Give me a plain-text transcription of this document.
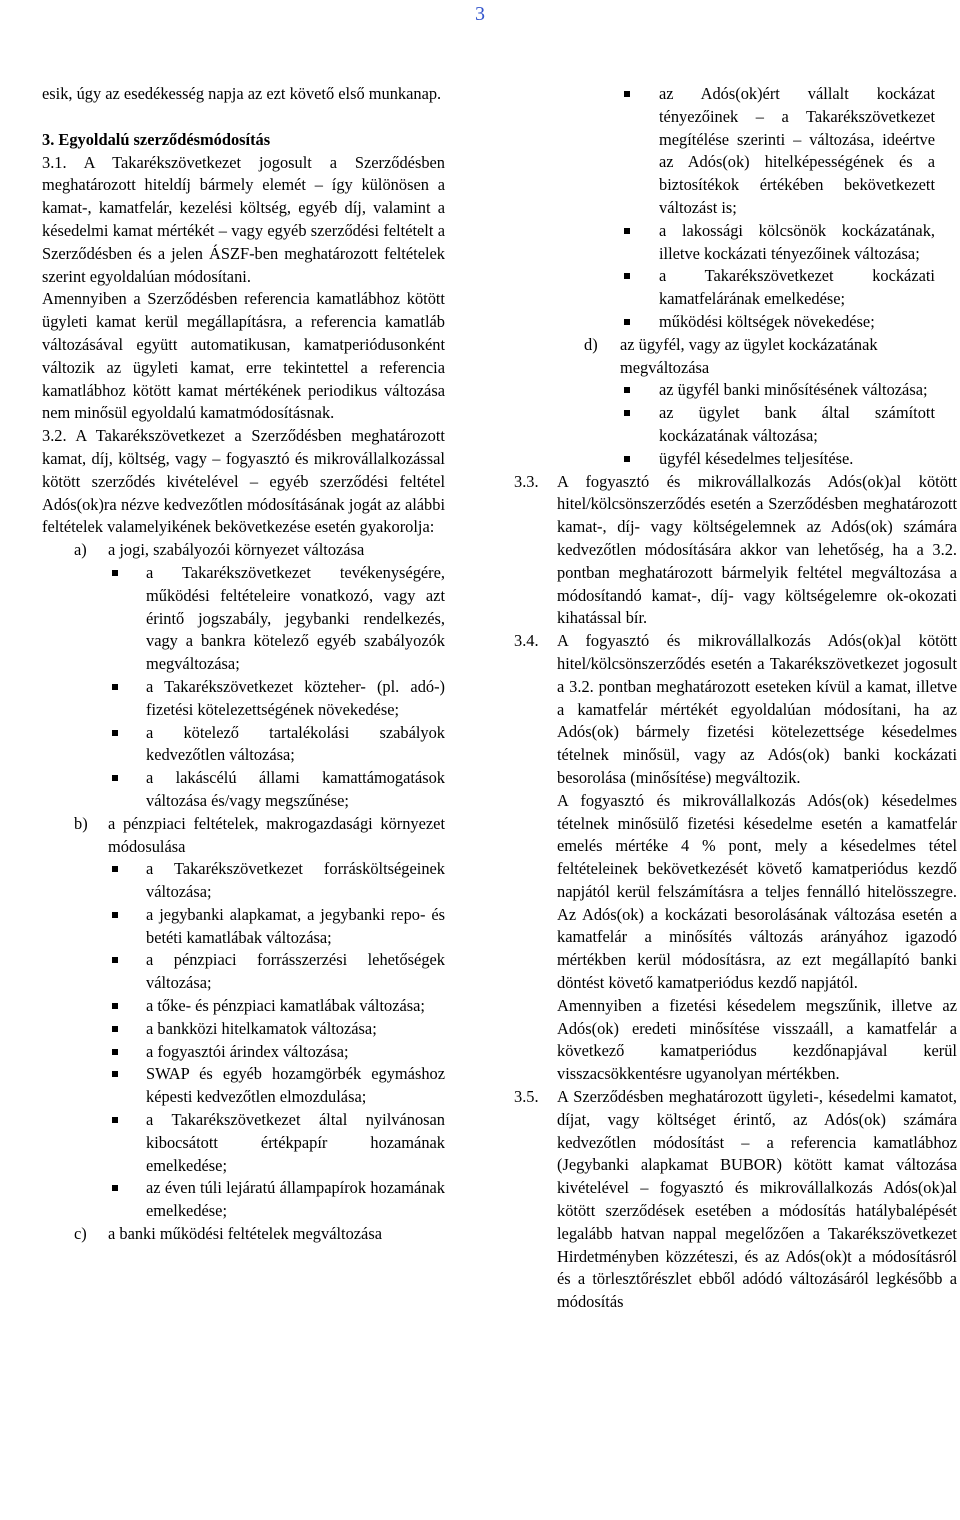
3

esik, úgy az esedékesség napja az ezt követő első munkanap.

3. Egyoldalú szerződésmódosítás

3.1. A Takarékszövetkezet jogosult a Szerződésben meghatározott hiteldíj bármely elemét – így különösen a kamat-, kamatfelár, kezelési költség, egyéb díj, valamint a késedelmi kamat mértékét – vagy egyéb szerződési feltételt a Szerződésben és a jelen ÁSZF-ben meghatározott feltételek szerint egyoldalúan módosítani.

Amennyiben a Szerződésben referencia kamatlábhoz kötött ügyleti kamat kerül megállapításra, a referencia kamatláb változásával együtt automatikusan, kamatperiódusonként változik az ügyleti kamat, erre tekintettel a referencia kamatlábhoz kötött kamat mértékének periodikus változása nem minősül egyoldalú kamatmódosításnak.

3.2. A Takarékszövetkezet a Szerződésben meghatározott kamat, díj, költség, vagy – fogyasztó és mikrovállalkozással kötött szerződés kivételével – egyéb szerződési feltétel Adós(ok)ra nézve kedvezőtlen módosításának jogát az alábbi feltételek valamelyikének bekövetkezése esetén gyakorolja:

a) a jogi, szabályozói környezet változása
a Takarékszövetkezet tevékenységére, működési feltételeire vonatkozó, vagy azt érintő jogszabály, jegybanki rendelkezés, vagy a bankra kötelező egyéb szabályozók megváltozása;
a Takarékszövetkezet közteher- (pl. adó-) fizetési kötelezettségének növekedése;
a kötelező tartalékolási szabályok kedvezőtlen változása;
a lakáscélú állami kamattámogatások változása és/vagy megszűnése;
b) a pénzpiaci feltételek, makrogazdasági környezet módosulása
a Takarékszövetkezet forrásköltségeinek változása;
a jegybanki alapkamat, a jegybanki repo- és betéti kamatlábak változása;
a pénzpiaci forrásszerzési lehetőségek változása;
a tőke- és pénzpiaci kamatlábak változása;
a bankközi hitelkamatok változása;
a fogyasztói árindex változása;
SWAP és egyéb hozamgörbék egymáshoz képesti kedvezőtlen elmozdulása;
a Takarékszövetkezet által nyilvánosan kibocsátott értékpapír hozamának emelkedése;
az éven túli lejáratú állampapírok hozamának emelkedése;
c) a banki működési feltételek megváltozása
az Adós(ok)ért vállalt kockázat tényezőinek – a Takarékszövetkezet megítélése szerinti – változása, ideértve az Adós(ok) hitelképességének és a biztosítékok értékében bekövetkezett változást is;
a lakossági kölcsönök kockázatának, illetve kockázati tényezőinek változása;
a Takarékszövetkezet kockázati kamatfelárának emelkedése;
működési költségek növekedése;
d) az ügyfél, vagy az ügylet kockázatának megváltozása
az ügyfél banki minősítésének változása;
az ügylet bank által számított kockázatának változása;
ügyfél késedelmes teljesítése.
3.3. A fogyasztó és mikrovállalkozás Adós(ok)al kötött hitel/kölcsönszerződés esetén a Szerződésben meghatározott kamat-, díj- vagy költségelemnek az Adós(ok) számára kedvezőtlen módosítására akkor van lehetőség, ha a 3.2. pontban meghatározott bármelyik feltétel megváltozása a módosítandó kamat-, díj- vagy költségelemre ok-okozati kihatással bír.

3.4. A fogyasztó és mikrovállalkozás Adós(ok)al kötött hitel/kölcsönszerződés esetén a Takarékszövetkezet jogosult a 3.2. pontban meghatározott eseteken kívül a kamat, illetve a kamatfelár mértékét egyoldalúan módosítani, ha az Adós(ok) bármely fizetési kötelezettsége késedelmes tételnek minősül, vagy az Adós(ok) banki kockázati besorolása (minősítése) megváltozik.

A fogyasztó és mikrovállalkozás Adós(ok) késedelmes tételnek minősülő fizetési késedelme esetén a kamatfelár emelés mértéke 4 % pont, mely a késedelmes tétel feltételeinek bekövetkezését követő kamatperiódus kezdő napjától kerül felszámításra a teljes fennálló hitelösszegre. Az Adós(ok) a kockázati besorolásának változása esetén a kamatfelár a minősítés változás arányához igazodó mértékben kerül módosításra, az ezt megállapító banki döntést követő kamatperiódus kezdő napjától.

Amennyiben a fizetési késedelem megszűnik, illetve az Adós(ok) eredeti minősítése visszaáll, a kamatfelár a következő kamatperiódus kezdőnapjával kerül visszacsökkentésre ugyanolyan mértékben.

3.5. A Szerződésben meghatározott ügyleti-, késedelmi kamatot, díjat, vagy költséget érintő, az Adós(ok) számára kedvezőtlen módosítást – a referencia kamatlábhoz (Jegybanki alapkamat BUBOR) kötött kamat változása kivételével – fogyasztó és mikrovállalkozás Adós(ok)al kötött szerződések esetében a módosítás hatálybalépését legalább hatvan nappal megelőzően a Takarékszövetkezet Hirdetményben közzéteszi, és az Adós(ok)t a módosításról és a törlesztőrészlet ebből adódó változásáról legkésőbb a módosítás
